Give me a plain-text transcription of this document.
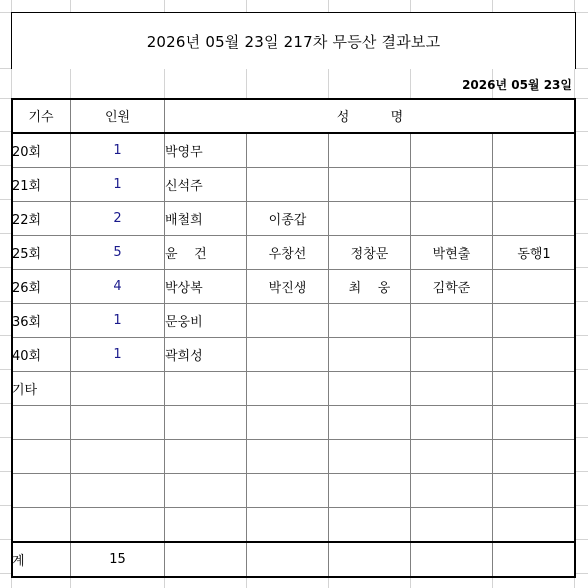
2026년 05월 23일 217차 무등산 결과보고
2026년 05월 23일
기수	인원	성          명				
20회	1	박영무				
21회	1	신석주				
22회	2	배철희	이종갑			
25회	5	윤    건	우창선	정창문	박현출	동행1
26회	4	박상복	박진생	최    웅	김학준	
36회	1	문웅비				
40회	1	곽희성				
기타						

계	15					
